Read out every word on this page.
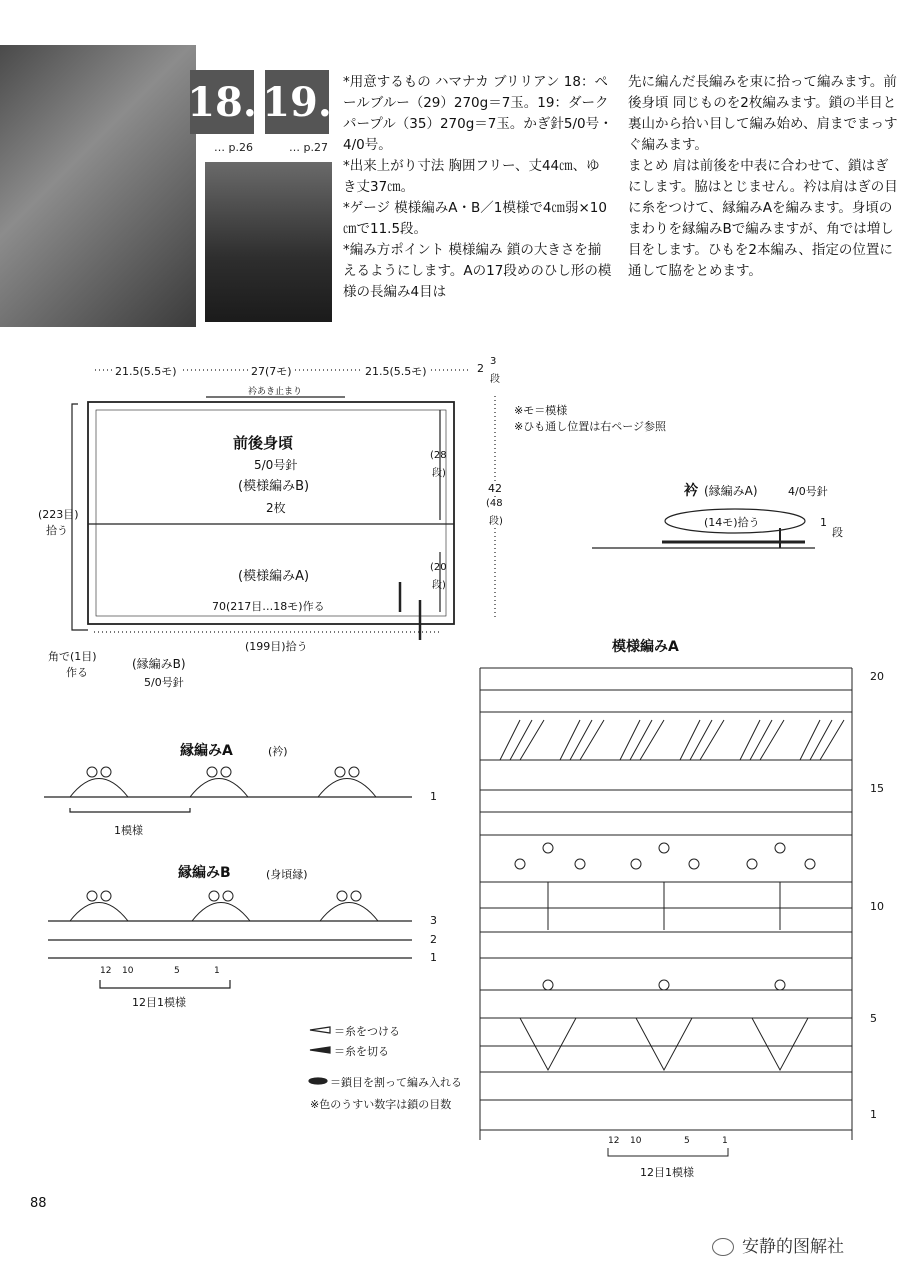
18. 19.
… p.26	… p.27
*用意するもの ハマナカ ブリリアン 18：ペールブルー（29）270g＝7玉。19：ダークパープル（35）270g＝7玉。かぎ針5/0号・4/0号。
*出来上がり寸法 胸囲フリー、丈44㎝、ゆき丈37㎝。
*ゲージ 模様編みA・B／1模様で4㎝弱×10㎝で11.5段。
*編み方ポイント 模様編み 鎖の大きさを揃えるようにします。Aの17段めのひし形の模様の長編み4目は
先に編んだ長編みを束に拾って編みます。前後身頃 同じものを2枚編みます。鎖の半目と裏山から拾い目して編み始め、肩までまっすぐ編みます。
まとめ 肩は前後を中表に合わせて、鎖はぎにします。脇はとじません。衿は肩はぎの目に糸をつけて、縁編みAを編みます。身頃のまわりを縁編みBで編みますが、角では増し目をします。ひもを2本編み、指定の位置に通して脇をとめます。
21.5(5.5モ)	27(7モ)	21.5(5.5モ)
衿あき止まり
2
3
段
前後身頃
5/0号針
(模様編みB)
2枚
(模様編みA)
70(217目…18モ)作る
(199目)拾う
(223目)
拾う
角で(1目)
作る
(縁編みB)
5/0号針
(28
段)
(20
段)
42
(48
段)
※モ＝模様
※ひも通し位置は右ページ参照
衿 (縁編みA)	4/0号針
(14モ)拾う	1
段
縁編みA	(衿)
1模様
1
縁編みB	(身頃縁)
12 10	5	1
12目1模様
3
2
1
模様編みA
20
15
10
5
1
12 10	5	1
12目1模様
＝糸をつける
＝糸を切る
＝鎖目を割って編み入れる
※色のうすい数字は鎖の目数
88
安静的图解社
